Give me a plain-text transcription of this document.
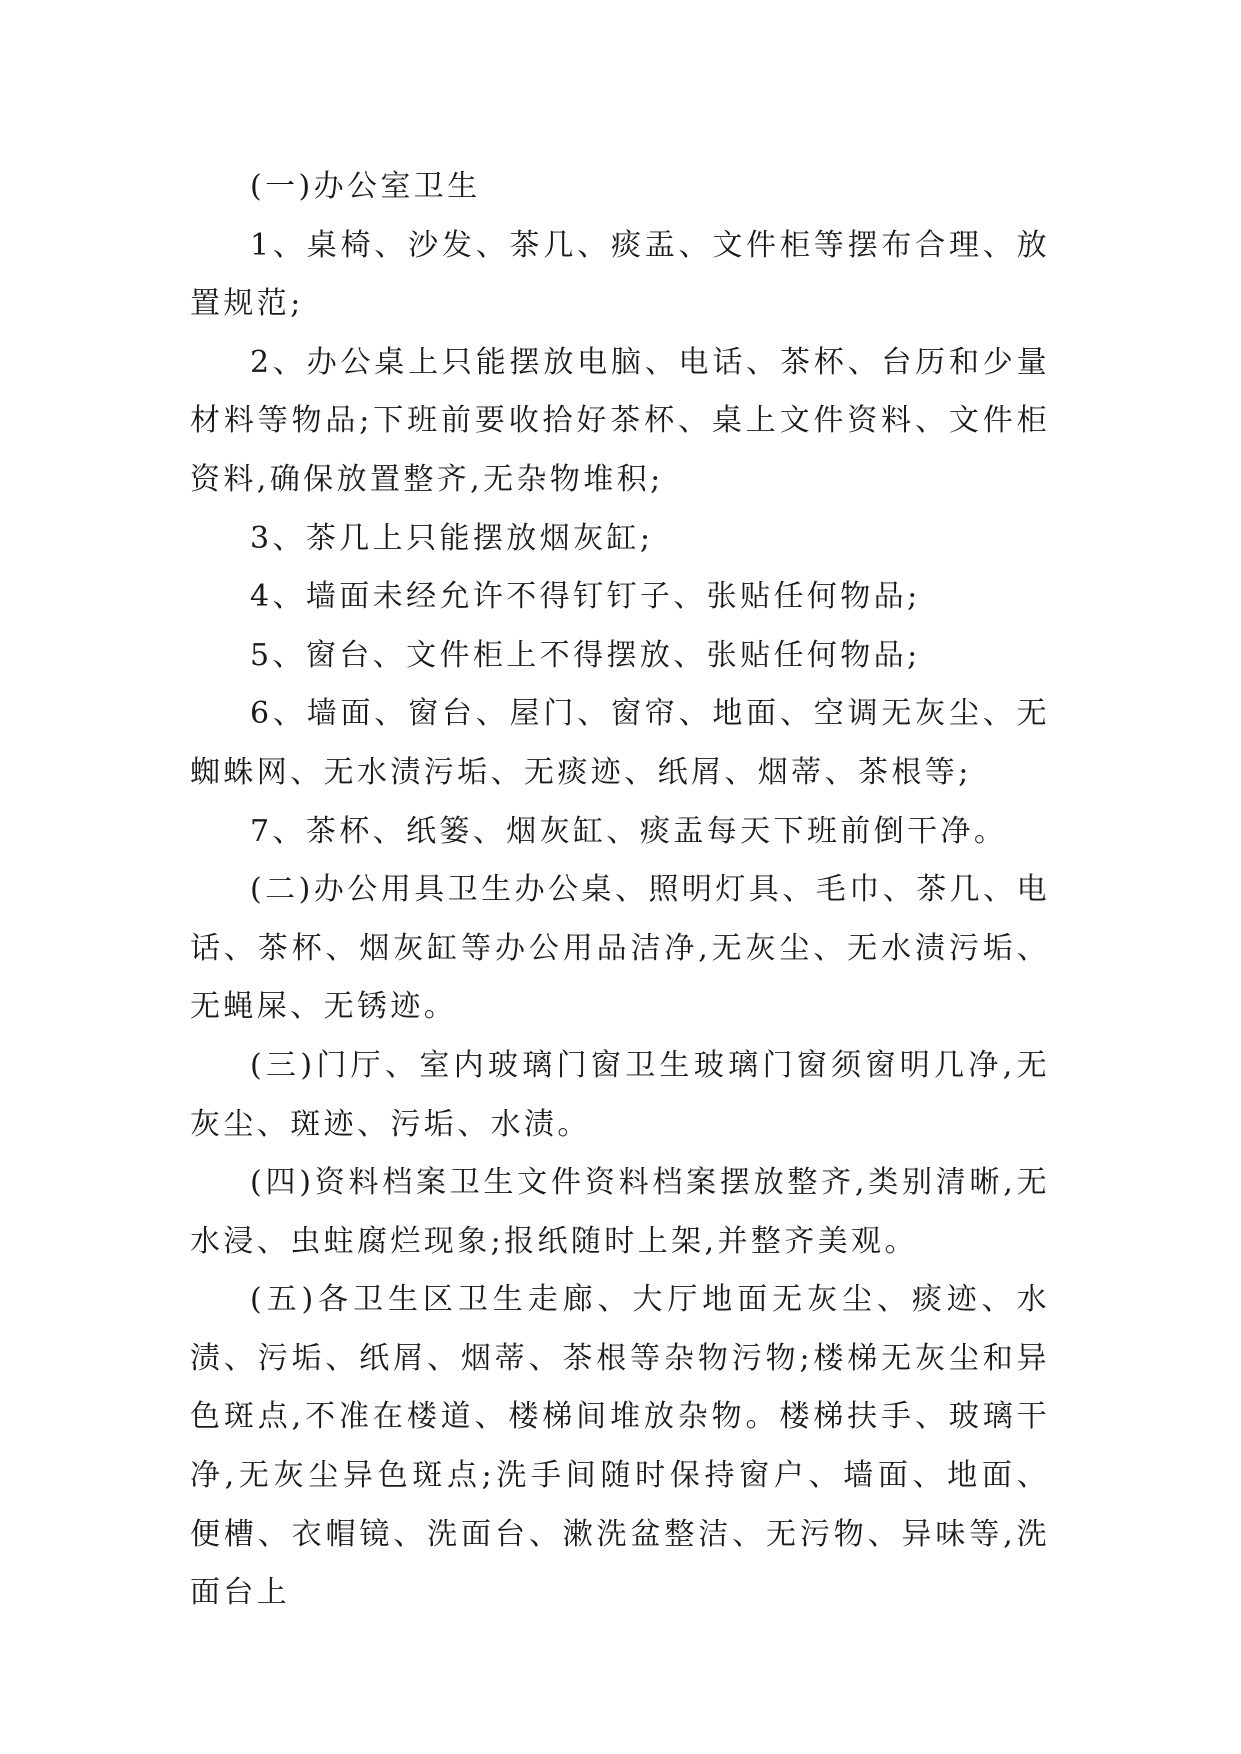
(一)办公室卫生

1、桌椅、沙发、茶几、痰盂、文件柜等摆布合理、放置规范;

2、办公桌上只能摆放电脑、电话、茶杯、台历和少量材料等物品;下班前要收拾好茶杯、桌上文件资料、文件柜资料,确保放置整齐,无杂物堆积;

3、茶几上只能摆放烟灰缸;

4、墙面未经允许不得钉钉子、张贴任何物品;

5、窗台、文件柜上不得摆放、张贴任何物品;

6、墙面、窗台、屋门、窗帘、地面、空调无灰尘、无蜘蛛网、无水渍污垢、无痰迹、纸屑、烟蒂、茶根等;

7、茶杯、纸篓、烟灰缸、痰盂每天下班前倒干净。

(二)办公用具卫生办公桌、照明灯具、毛巾、茶几、电话、茶杯、烟灰缸等办公用品洁净,无灰尘、无水渍污垢、无蝇屎、无锈迹。

(三)门厅、室内玻璃门窗卫生玻璃门窗须窗明几净,无灰尘、斑迹、污垢、水渍。

(四)资料档案卫生文件资料档案摆放整齐,类别清晰,无水浸、虫蛀腐烂现象;报纸随时上架,并整齐美观。

(五)各卫生区卫生走廊、大厅地面无灰尘、痰迹、水渍、污垢、纸屑、烟蒂、茶根等杂物污物;楼梯无灰尘和异色斑点,不准在楼道、楼梯间堆放杂物。楼梯扶手、玻璃干净,无灰尘异色斑点;洗手间随时保持窗户、墙面、地面、便槽、衣帽镜、洗面台、漱洗盆整洁、无污物、异味等,洗面台上
